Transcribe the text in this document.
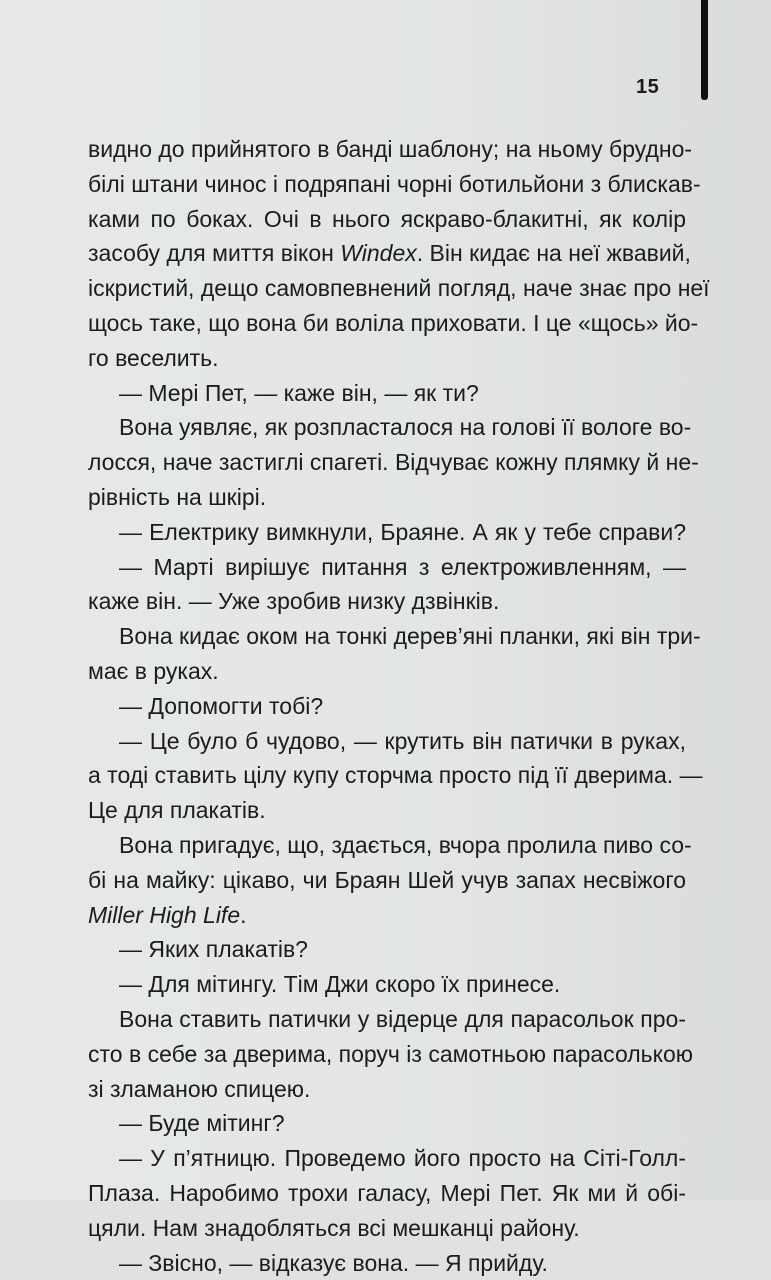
15
видно до прийнятого в банді шаблону; на ньому брудно-
білі штани чинос і подряпані чорні ботильйони з блискав-
ками по боках. Очі в нього яскраво-блакитні, як колір
засобу для миття вікон Windex. Він кидає на неї жвавий,
іскристий, дещо самовпевнений погляд, наче знає про неї
щось таке, що вона би воліла приховати. І це «щось» йо-
го веселить.
— Мері Пет, — каже він, — як ти?
Вона уявляє, як розпласталося на голові її вологе во-
лосся, наче застиглі спагеті. Відчуває кожну плямку й не-
рівність на шкірі.
— Електрику вимкнули, Браяне. А як у тебе справи?
— Марті вирішує питання з електроживленням, —
каже він. — Уже зробив низку дзвінків.
Вона кидає оком на тонкі дерев’яні планки, які він три-
має в руках.
— Допомогти тобі?
— Це було б чудово, — крутить він патички в руках,
а тоді ставить цілу купу сторчма просто під її дверима. —
Це для плакатів.
Вона пригадує, що, здається, вчора пролила пиво со-
бі на майку: цікаво, чи Браян Шей учув запах несвіжого
Miller High Life.
— Яких плакатів?
— Для мітингу. Тім Джи скоро їх принесе.
Вона ставить патички у відерце для парасольок про-
сто в себе за дверима, поруч із самотньою парасолькою
зі зламаною спицею.
— Буде мітинг?
— У п’ятницю. Проведемо його просто на Сіті-Голл-
Плаза. Наробимо трохи галасу, Мері Пет. Як ми й обі-
цяли. Нам знадобляться всі мешканці району.
— Звісно, — відказує вона. — Я прийду.
